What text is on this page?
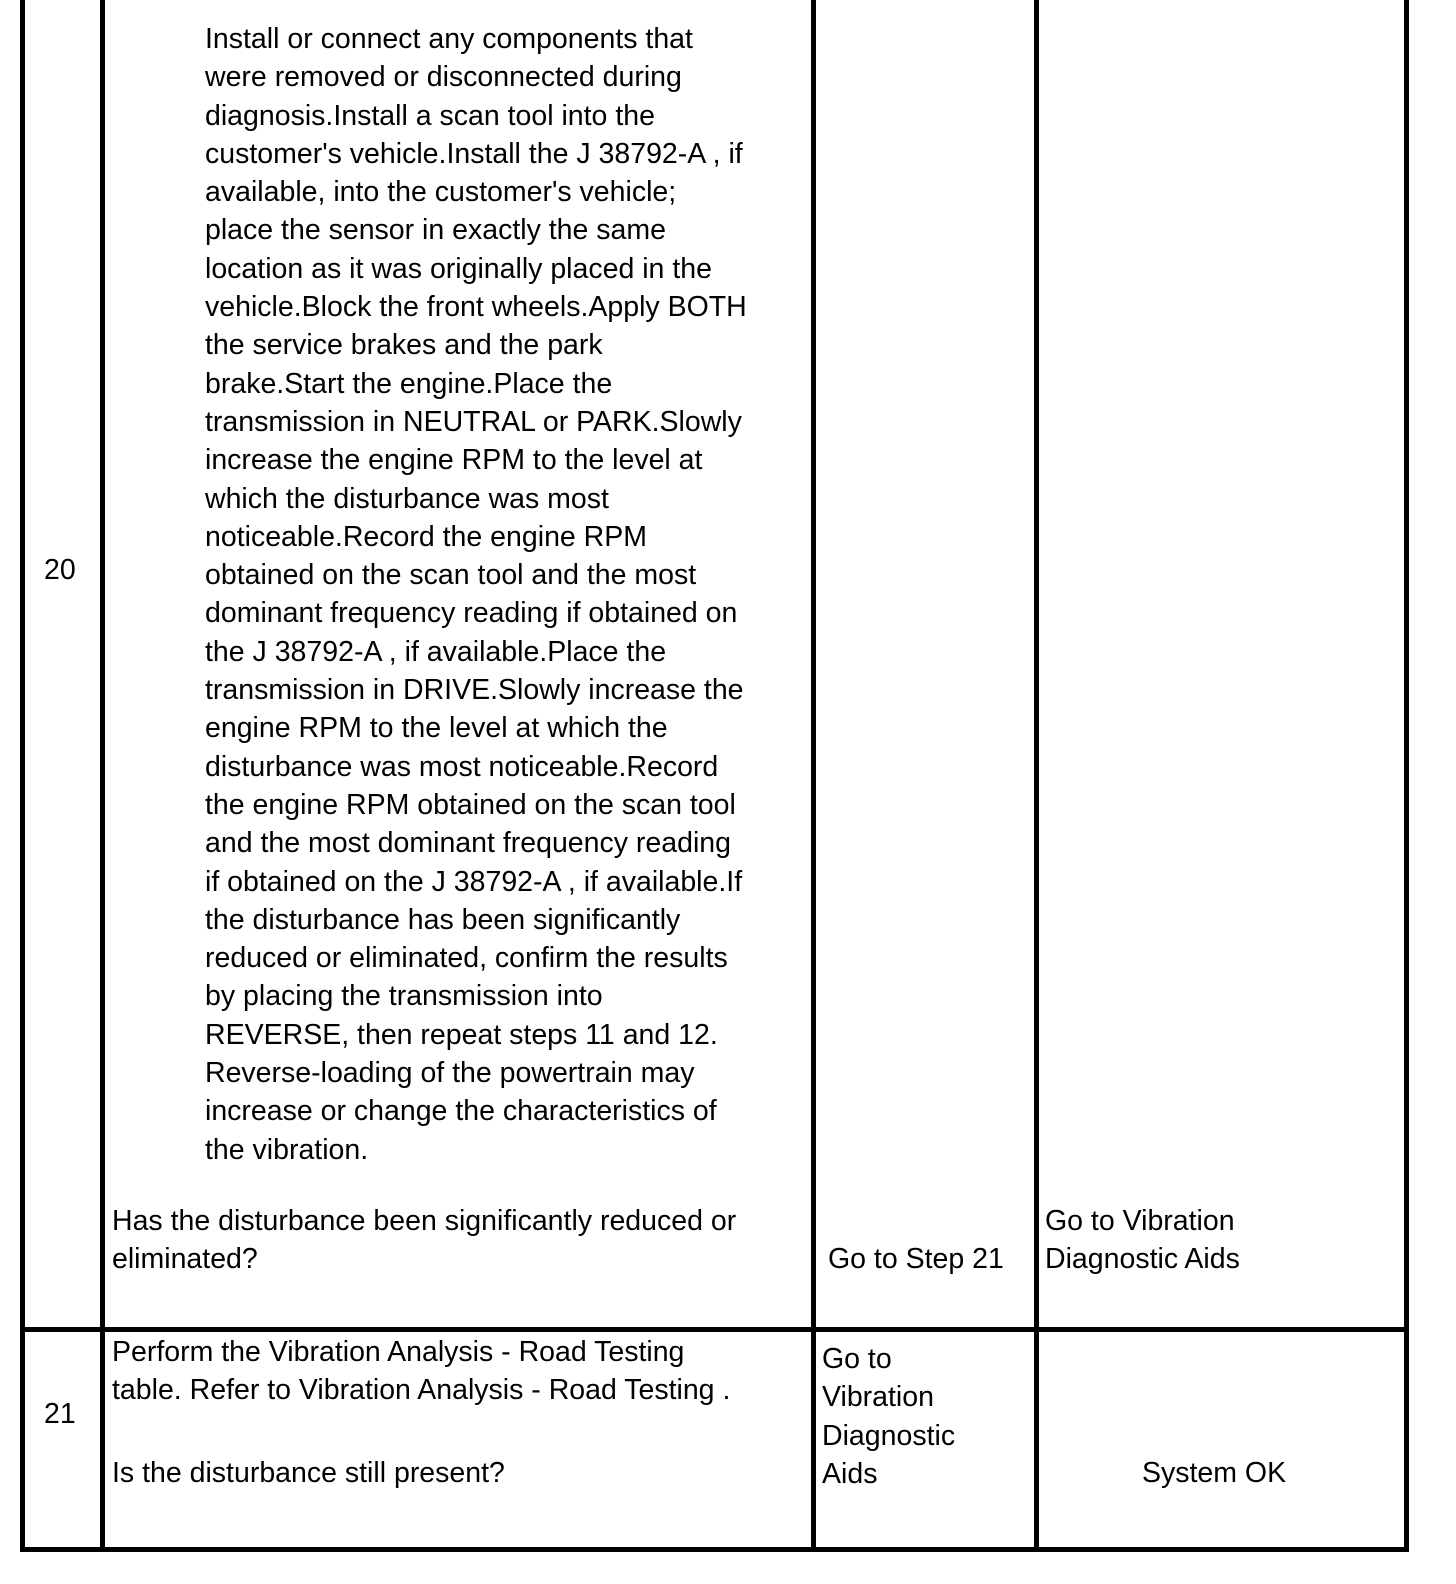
20
Install or connect any components that
were removed or disconnected during
diagnosis.Install a scan tool into the
customer's vehicle.Install the J 38792-A , if
available, into the customer's vehicle;
place the sensor in exactly the same
location as it was originally placed in the
vehicle.Block the front wheels.Apply BOTH
the service brakes and the park
brake.Start the engine.Place the
transmission in NEUTRAL or PARK.Slowly
increase the engine RPM to the level at
which the disturbance was most
noticeable.Record the engine RPM
obtained on the scan tool and the most
dominant frequency reading if obtained on
the J 38792-A , if available.Place the
transmission in DRIVE.Slowly increase the
engine RPM to the level at which the
disturbance was most noticeable.Record
the engine RPM obtained on the scan tool
and the most dominant frequency reading
if obtained on the J 38792-A , if available.If
the disturbance has been significantly
reduced or eliminated, confirm the results
by placing the transmission into
REVERSE, then repeat steps 11 and 12.
Reverse-loading of the powertrain may
increase or change the characteristics of
the vibration.
Has the disturbance been significantly reduced or
eliminated?	Go to Step 21
Go to Vibration
Diagnostic Aids
21
Perform the Vibration Analysis - Road Testing
table. Refer to Vibration Analysis - Road Testing .
Is the disturbance still present?
Go to
Vibration
Diagnostic
Aids	System OK
